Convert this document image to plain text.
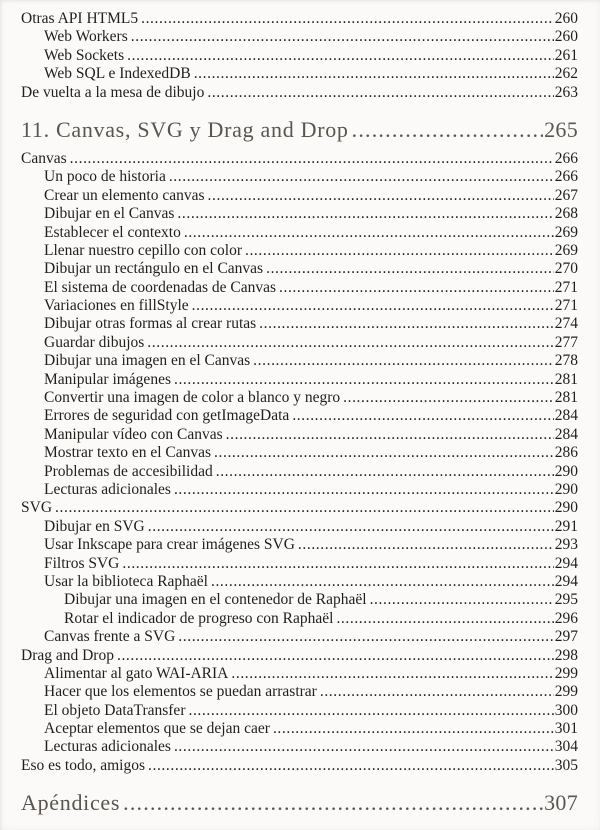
Otras API HTML5 .....	260
Web Workers .....	260
Web Sockets .....	261
Web SQL e IndexedDB .....	262
De vuelta a la mesa de dibujo .....	263
11. Canvas, SVG y Drag and Drop .....	265
Canvas .....	266
Un poco de historia .....	266
Crear un elemento canvas .....	267
Dibujar en el Canvas .....	268
Establecer el contexto .....	269
Llenar nuestro cepillo con color .....	269
Dibujar un rectángulo en el Canvas .....	270
El sistema de coordenadas de Canvas .....	271
Variaciones en fillStyle .....	271
Dibujar otras formas al crear rutas .....	274
Guardar dibujos .....	277
Dibujar una imagen en el Canvas .....	278
Manipular imágenes .....	281
Convertir una imagen de color a blanco y negro .....	281
Errores de seguridad con getImageData .....	284
Manipular vídeo con Canvas .....	284
Mostrar texto en el Canvas .....	286
Problemas de accesibilidad .....	290
Lecturas adicionales .....	290
SVG .....	290
Dibujar en SVG .....	291
Usar Inkscape para crear imágenes SVG .....	293
Filtros SVG .....	294
Usar la biblioteca Raphaël .....	294
Dibujar una imagen en el contenedor de Raphaël .....	295
Rotar el indicador de progreso con Raphaël .....	296
Canvas frente a SVG .....	297
Drag and Drop .....	298
Alimentar al gato WAI-ARIA .....	299
Hacer que los elementos se puedan arrastrar .....	299
El objeto DataTransfer .....	300
Aceptar elementos que se dejan caer .....	301
Lecturas adicionales .....	304
Eso es todo, amigos .....	305
Apéndices .....	307
